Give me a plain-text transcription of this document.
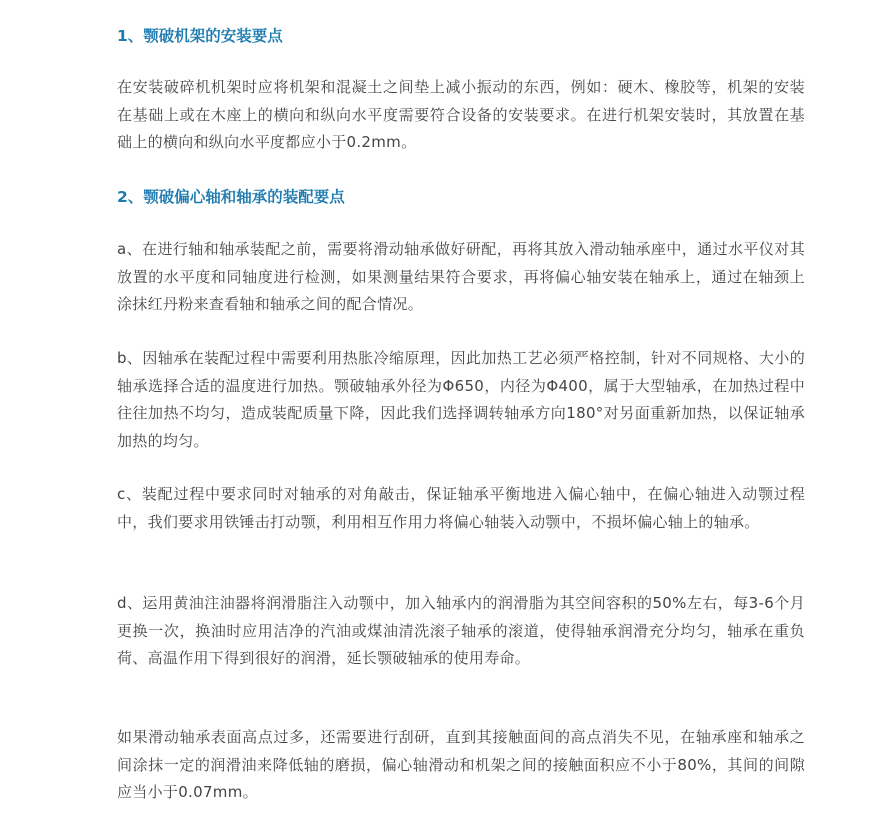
1、颚破机架的安装要点

在安装破碎机机架时应将机架和混凝土之间垫上减小振动的东西，例如：硬木、橡胶等，机架的安装在基础上或在木座上的横向和纵向水平度需要符合设备的安装要求。在进行机架安装时，其放置在基础上的横向和纵向水平度都应小于0.2mm。

2、颚破偏心轴和轴承的装配要点

a、在进行轴和轴承装配之前，需要将滑动轴承做好研配，再将其放入滑动轴承座中，通过水平仪对其放置的水平度和同轴度进行检测，如果测量结果符合要求，再将偏心轴安装在轴承上，通过在轴颈上涂抹红丹粉来查看轴和轴承之间的配合情况。

b、因轴承在装配过程中需要利用热胀冷缩原理，因此加热工艺必须严格控制，针对不同规格、大小的轴承选择合适的温度进行加热。颚破轴承外径为Φ650，内径为Φ400，属于大型轴承，在加热过程中往往加热不均匀，造成装配质量下降，因此我们选择调转轴承方向180°对另面重新加热，以保证轴承加热的均匀。

c、装配过程中要求同时对轴承的对角敲击，保证轴承平衡地进入偏心轴中，在偏心轴进入动颚过程中，我们要求用铁锤击打动颚，利用相互作用力将偏心轴装入动颚中，不损坏偏心轴上的轴承。

d、运用黄油注油器将润滑脂注入动颚中，加入轴承内的润滑脂为其空间容积的50%左右，每3-6个月更换一次，换油时应用洁净的汽油或煤油清洗滚子轴承的滚道，使得轴承润滑充分均匀，轴承在重负荷、高温作用下得到很好的润滑，延长颚破轴承的使用寿命。

如果滑动轴承表面高点过多，还需要进行刮研，直到其接触面间的高点消失不见，在轴承座和轴承之间涂抹一定的润滑油来降低轴的磨损，偏心轴滑动和机架之间的接触面积应不小于80%，其间的间隙应当小于0.07mm。
